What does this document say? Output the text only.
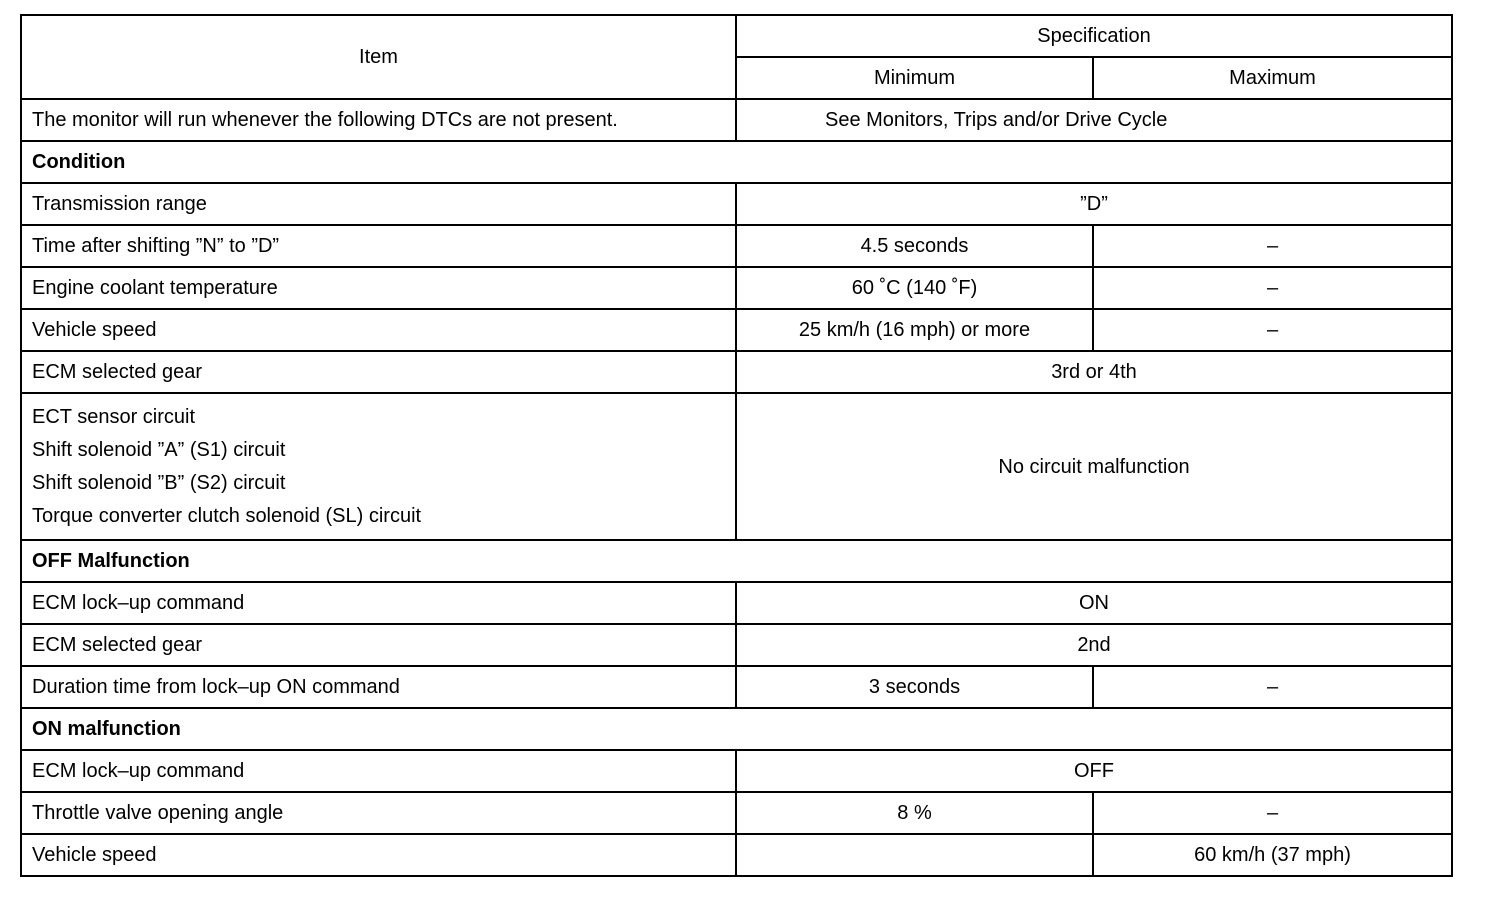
Item	Specification	
	Minimum	Maximum
The monitor will run whenever the following DTCs are not present.	See Monitors, Trips and/or Drive Cycle	
Condition		
Transmission range	”D”	
Time after shifting ”N” to ”D”	4.5 seconds	–
Engine coolant temperature	60 ˚C (140 ˚F)	–
Vehicle speed	25 km/h (16 mph) or more	–
ECM selected gear	3rd or 4th	

ECT sensor circuit
Shift solenoid ”A” (S1) circuit
Shift solenoid ”B” (S2) circuit
Torque converter clutch solenoid (SL) circuit	No circuit malfunction	
OFF Malfunction		
ECM lock–up command	ON	
ECM selected gear	2nd	
Duration time from lock–up ON command	3 seconds	–
ON malfunction		
ECM lock–up command	OFF	
Throttle valve opening angle	8 %	–
Vehicle speed		60 km/h (37 mph)
